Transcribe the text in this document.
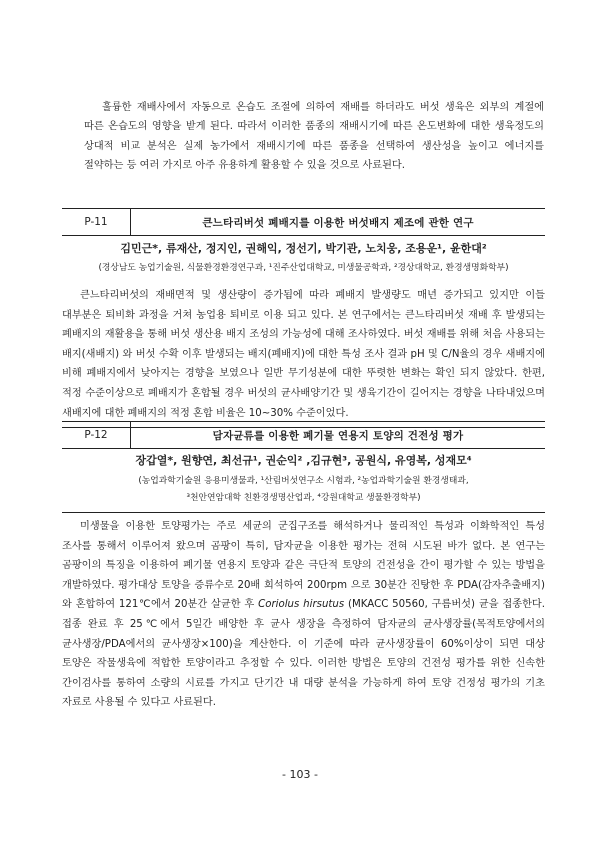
훌륭한 재배사에서 자동으로 온습도 조절에 의하여 재배를 하더라도 버섯 생육은 외부의 계절에 따른 온습도의 영향을 받게 된다. 따라서 이러한 품종의 재배시기에 따른 온도변화에 대한 생육정도의 상대적 비교 분석은 실제 농가에서 재배시기에 따른 품종을 선택하여 생산성을 높이고 에너지를 절약하는 등 여러 가지로 아주 유용하게 활용할 수 있을 것으로 사료된다.

P-11	큰느타리버섯 폐배지를 이용한 버섯배지 제조에 관한 연구

김민근*, 류재산, 정지인, 권해익, 정선기, 박기관, 노치웅, 조용운¹, 윤한대²

(경상남도 농업기술원, 식물환경환경연구과, ¹진주산업대학교, 미생물공학과, ²경상대학교, 환경생명화학부)

큰느타리버섯의 재배면적 및 생산량이 증가됨에 따라 폐배지 발생량도 매년 증가되고 있지만 이들 대부분은 퇴비화 과정을 거쳐 농업용 퇴비로 이용 되고 있다. 본 연구에서는 큰느타리버섯 재배 후 발생되는 폐배지의 재활용을 통해 버섯 생산용 배지 조성의 가능성에 대해 조사하였다. 버섯 재배를 위해 처음 사용되는 배지(새배지) 와 버섯 수확 이후 발생되는 배지(폐배지)에 대한 특성 조사 결과 pH 및 C/N율의 경우 새배지에 비해 폐배지에서 낮아지는 경향을 보였으나 일반 무기성분에 대한 뚜렷한 변화는 확인 되지 않았다. 한편, 적정 수준이상으로 폐배지가 혼합될 경우 버섯의 균사배양기간 및 생육기간이 길어지는 경향을 나타내었으며 새배지에 대한 폐배지의 적정 혼합 비율은 10~30% 수준이었다.

P-12	담자균류를 이용한 폐기물 연용지 토양의 건전성 평가

장갑열*, 원향연, 최선규¹, 권순익² ,김규현³, 공원식, 유영복, 성재모⁴

(농업과학기술원 응용미생물과, ¹산림버섯연구소 시험과, ²농업과학기술원 환경생태과,

³천안연암대학 친환경생명산업과, ⁴강원대학교 생물환경학부)

미생물을 이용한 토양평가는 주로 세균의 군집구조를 해석하거나 물리적인 특성과 이화학적인 특성 조사를 통해서 이루어져 왔으며 곰팡이 특히, 담자균을 이용한 평가는 전혀 시도된 바가 없다. 본 연구는 곰팡이의 특징을 이용하여 폐기물 연용지 토양과 같은 극단적 토양의 건전성을 간이 평가할 수 있는 방법을 개발하였다. 평가대상 토양을 증류수로 20배 희석하여 200rpm 으로 30분간 진탕한 후 PDA(감자추출배지)와 혼합하여 121℃에서 20분간 살균한 후 Coriolus hirsutus (MKACC 50560, 구름버섯) 균을 접종한다. 접종 완료 후 25℃에서 5일간 배양한 후 균사 생장을 측정하여 담자균의 균사생장률(목적토양에서의 균사생장/PDA에서의 균사생장×100)을 계산한다. 이 기준에 따라 균사생장률이 60%이상이 되면 대상 토양은 작물생육에 적합한 토양이라고 추정할 수 있다. 이러한 방법은 토양의 건전성 평가를 위한 신속한 간이검사를 통하여 소량의 시료를 가지고 단기간 내 대량 분석을 가능하게 하여 토양 건정성 평가의 기초 자료로 사용될 수 있다고 사료된다.

- 103 -
